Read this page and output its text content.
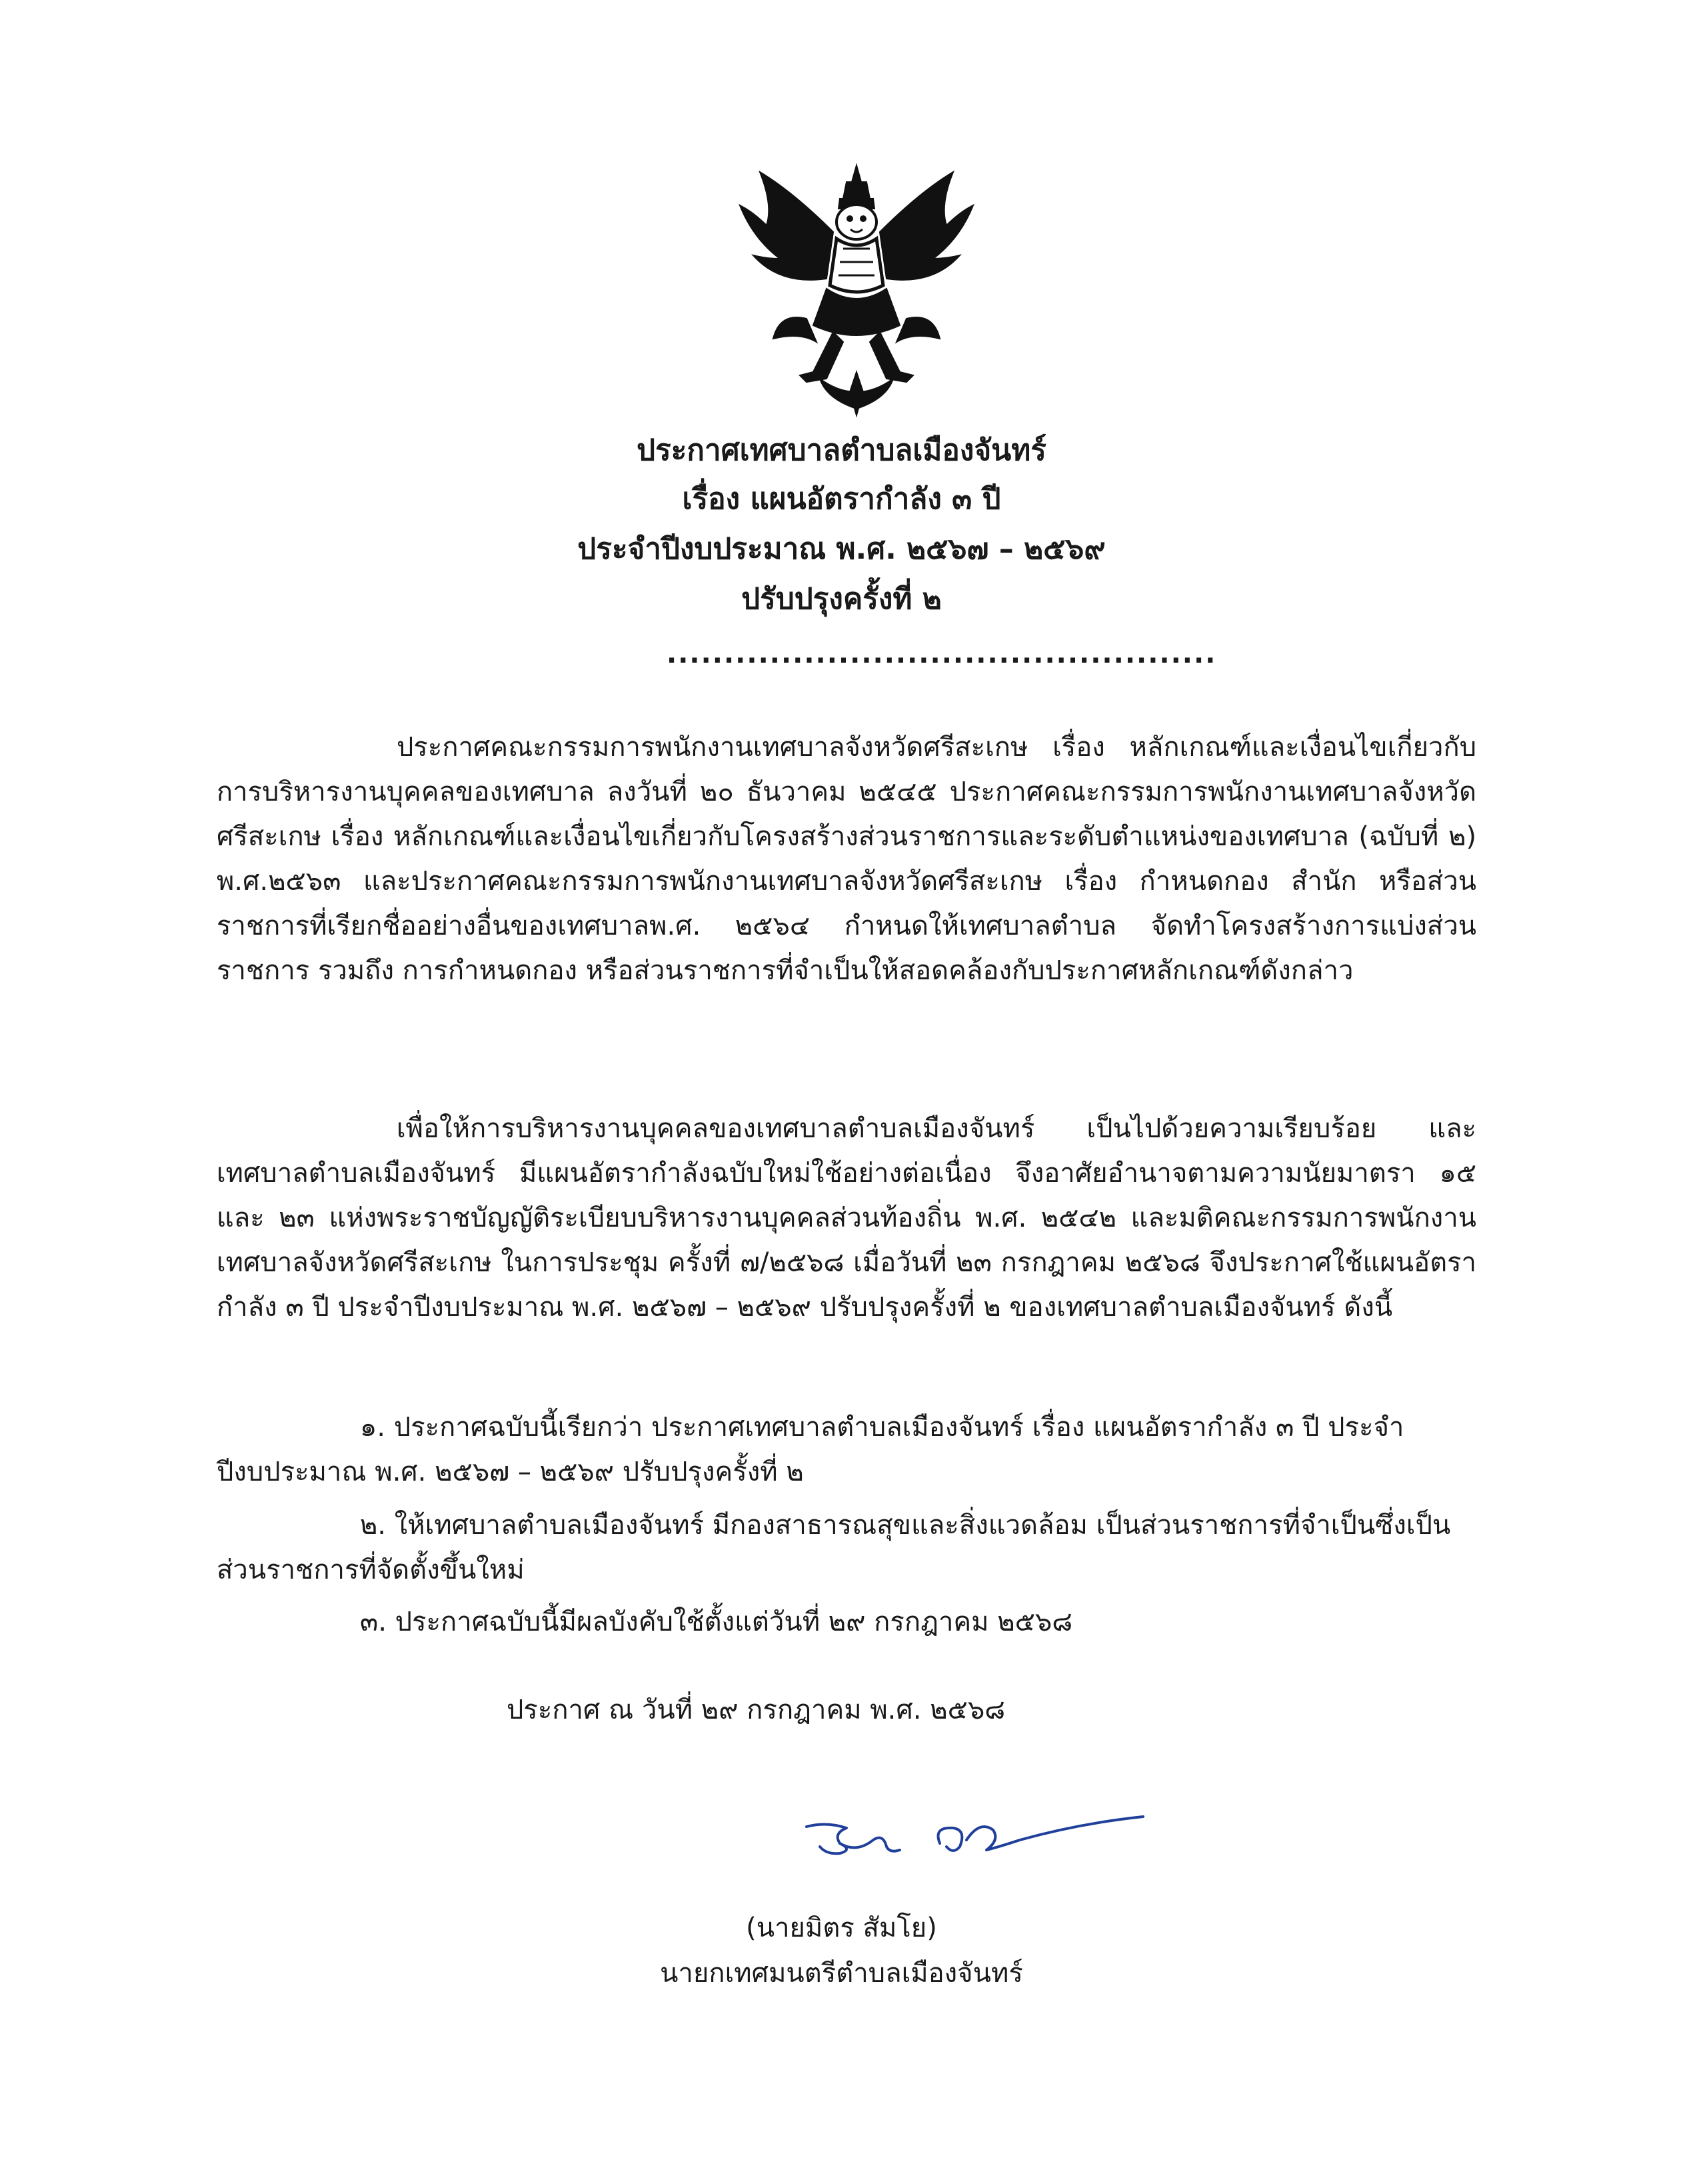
ประกาศเทศบาลตำบลเมืองจันทร์
เรื่อง แผนอัตรากำลัง ๓ ปี
ประจำปีงบประมาณ พ.ศ. ๒๕๖๗ – ๒๕๖๙
ปรับปรุงครั้งที่ ๒
................................................
ประกาศคณะกรรมการพนักงานเทศบาลจังหวัดศรีสะเกษ เรื่อง หลักเกณฑ์และเงื่อนไขเกี่ยวกับการบริหารงานบุคคลของเทศบาล ลงวันที่ ๒๐ ธันวาคม ๒๕๔๕ ประกาศคณะกรรมการพนักงานเทศบาลจังหวัดศรีสะเกษ เรื่อง หลักเกณฑ์และเงื่อนไขเกี่ยวกับโครงสร้างส่วนราชการและระดับตำแหน่งของเทศบาล (ฉบับที่ ๒) พ.ศ.๒๕๖๓ และประกาศคณะกรรมการพนักงานเทศบาลจังหวัดศรีสะเกษ เรื่อง กำหนดกอง สำนัก หรือส่วนราชการที่เรียกชื่ออย่างอื่นของเทศบาลพ.ศ. ๒๕๖๔ กำหนดให้เทศบาลตำบล จัดทำโครงสร้างการแบ่งส่วนราชการ รวมถึง การกำหนดกอง หรือส่วนราชการที่จำเป็นให้สอดคล้องกับประกาศหลักเกณฑ์ดังกล่าว
เพื่อให้การบริหารงานบุคคลของเทศบาลตำบลเมืองจันทร์ เป็นไปด้วยความเรียบร้อย และเทศบาลตำบลเมืองจันทร์ มีแผนอัตรากำลังฉบับใหม่ใช้อย่างต่อเนื่อง จึงอาศัยอำนาจตามความนัยมาตรา ๑๕ และ ๒๓ แห่งพระราชบัญญัติระเบียบบริหารงานบุคคลส่วนท้องถิ่น พ.ศ. ๒๕๔๒ และมติคณะกรรมการพนักงานเทศบาลจังหวัดศรีสะเกษ ในการประชุม ครั้งที่ ๗/๒๕๖๘ เมื่อวันที่ ๒๓ กรกฎาคม ๒๕๖๘ จึงประกาศใช้แผนอัตรากำลัง ๓ ปี ประจำปีงบประมาณ พ.ศ. ๒๕๖๗ – ๒๕๖๙ ปรับปรุงครั้งที่ ๒ ของเทศบาลตำบลเมืองจันทร์ ดังนี้
๑. ประกาศฉบับนี้เรียกว่า ประกาศเทศบาลตำบลเมืองจันทร์ เรื่อง แผนอัตรากำลัง ๓ ปี ประจำปีงบประมาณ พ.ศ. ๒๕๖๗ – ๒๕๖๙ ปรับปรุงครั้งที่ ๒
๒. ให้เทศบาลตำบลเมืองจันทร์ มีกองสาธารณสุขและสิ่งแวดล้อม เป็นส่วนราชการที่จำเป็นซึ่งเป็นส่วนราชการที่จัดตั้งขึ้นใหม่
๓. ประกาศฉบับนี้มีผลบังคับใช้ตั้งแต่วันที่ ๒๙ กรกฎาคม ๒๕๖๘
ประกาศ ณ วันที่ ๒๙ กรกฎาคม พ.ศ. ๒๕๖๘
(นายมิตร สัมโย)
นายกเทศมนตรีตำบลเมืองจันทร์
